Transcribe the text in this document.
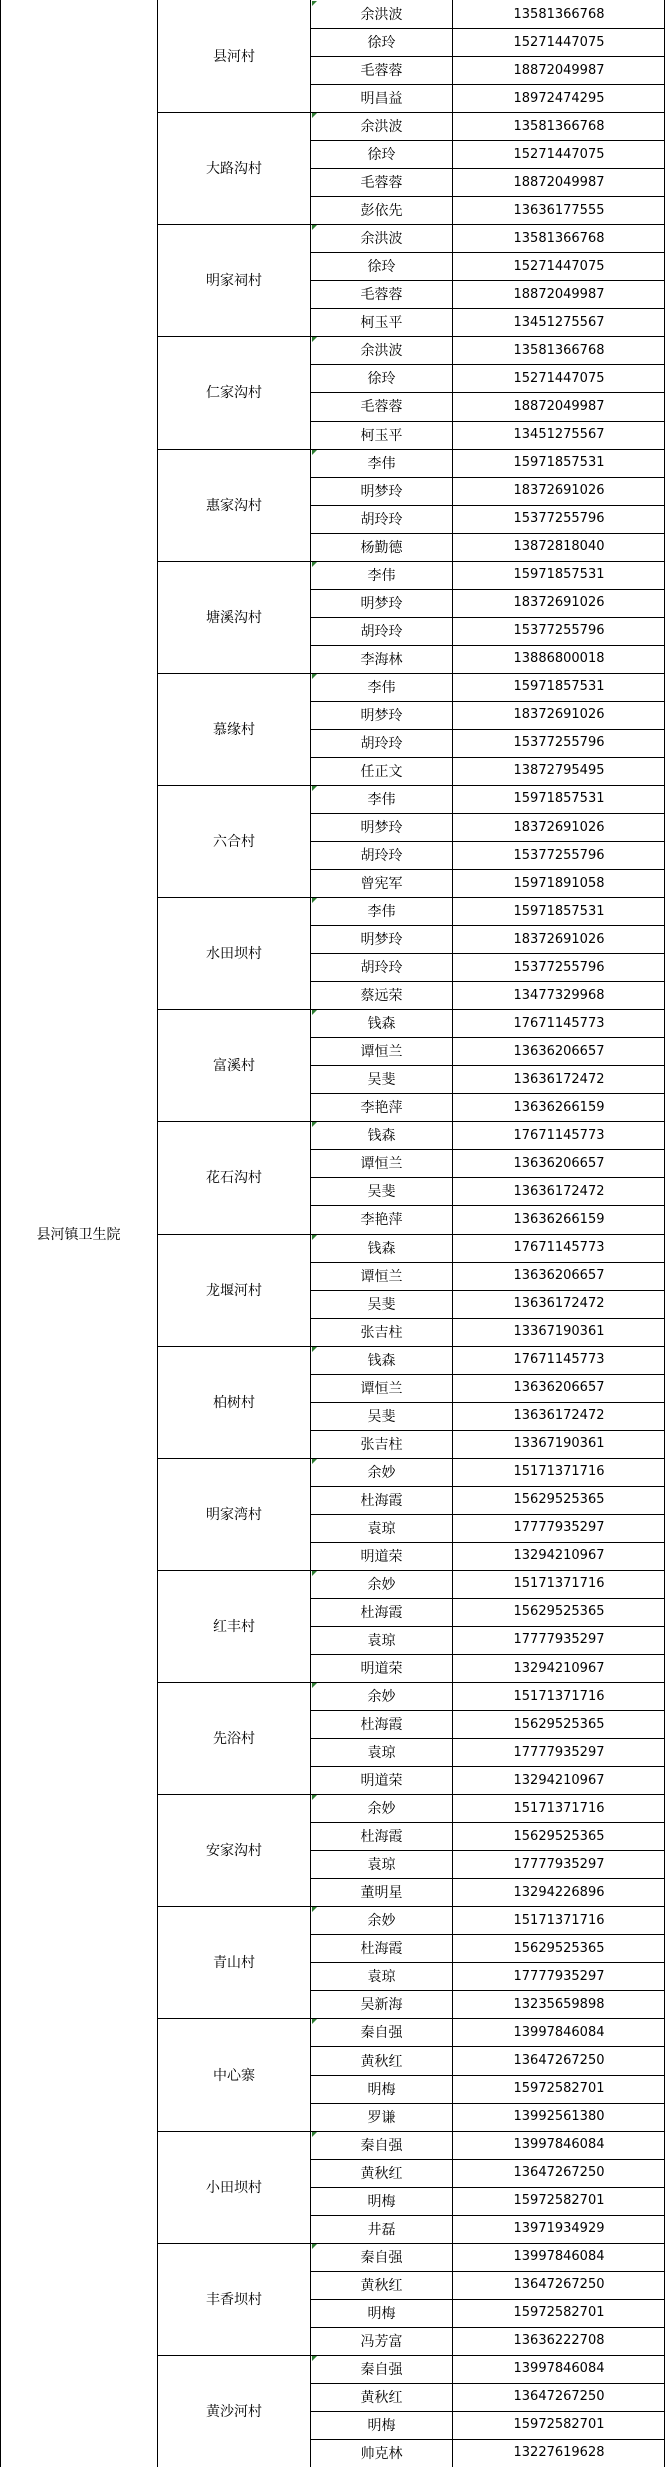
县河镇卫生院
县河村
余洪波	13581366768
徐玲	15271447075
毛蓉蓉	18872049987
明昌益	18972474295
大路沟村
余洪波	13581366768
徐玲	15271447075
毛蓉蓉	18872049987
彭依先	13636177555
明家祠村
余洪波	13581366768
徐玲	15271447075
毛蓉蓉	18872049987
柯玉平	13451275567
仁家沟村
余洪波	13581366768
徐玲	15271447075
毛蓉蓉	18872049987
柯玉平	13451275567
惠家沟村
李伟	15971857531
明梦玲	18372691026
胡玲玲	15377255796
杨勤德	13872818040
塘溪沟村
李伟	15971857531
明梦玲	18372691026
胡玲玲	15377255796
李海林	13886800018
慕缘村
李伟	15971857531
明梦玲	18372691026
胡玲玲	15377255796
任正文	13872795495
六合村
李伟	15971857531
明梦玲	18372691026
胡玲玲	15377255796
曾宪军	15971891058
水田坝村
李伟	15971857531
明梦玲	18372691026
胡玲玲	15377255796
蔡远荣	13477329968
富溪村
钱森	17671145773
谭恒兰	13636206657
吴斐	13636172472
李艳萍	13636266159
花石沟村
钱森	17671145773
谭恒兰	13636206657
吴斐	13636172472
李艳萍	13636266159
龙堰河村
钱森	17671145773
谭恒兰	13636206657
吴斐	13636172472
张吉柱	13367190361
柏树村
钱森	17671145773
谭恒兰	13636206657
吴斐	13636172472
张吉柱	13367190361
明家湾村
余妙	15171371716
杜海霞	15629525365
袁琼	17777935297
明道荣	13294210967
红丰村
余妙	15171371716
杜海霞	15629525365
袁琼	17777935297
明道荣	13294210967
先浴村
余妙	15171371716
杜海霞	15629525365
袁琼	17777935297
明道荣	13294210967
安家沟村
余妙	15171371716
杜海霞	15629525365
袁琼	17777935297
董明星	13294226896
青山村
余妙	15171371716
杜海霞	15629525365
袁琼	17777935297
吴新海	13235659898
中心寨
秦自强	13997846084
黄秋红	13647267250
明梅	15972582701
罗谦	13992561380
小田坝村
秦自强	13997846084
黄秋红	13647267250
明梅	15972582701
井磊	13971934929
丰香坝村
秦自强	13997846084
黄秋红	13647267250
明梅	15972582701
冯芳富	13636222708
黄沙河村
秦自强	13997846084
黄秋红	13647267250
明梅	15972582701
帅克林	13227619628
